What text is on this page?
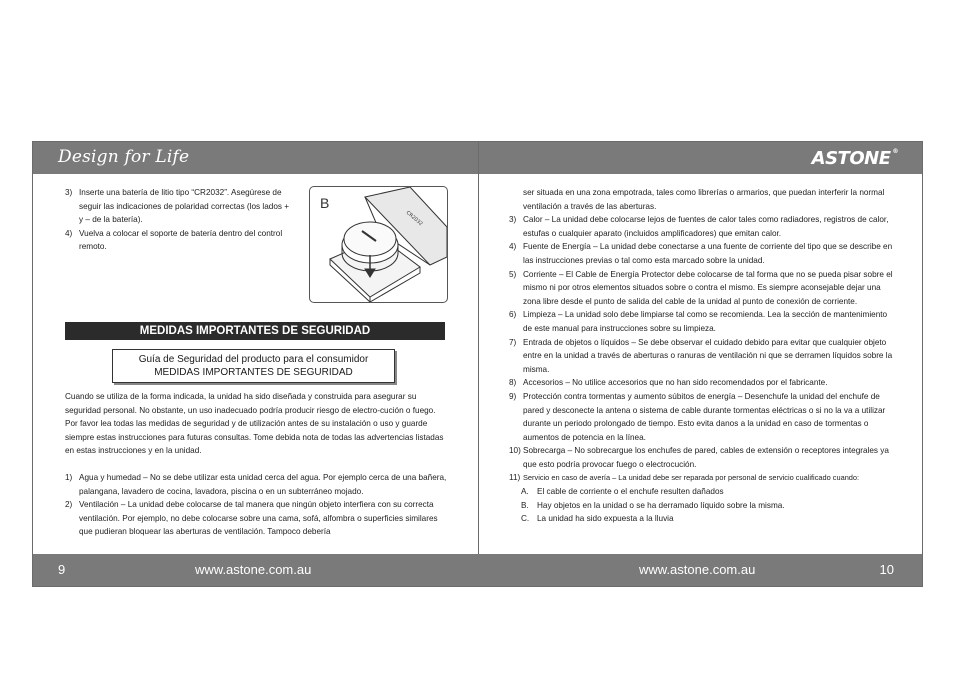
Design for Life	ASTONE ®
3) Inserte una batería de litio tipo “CR2032”. Asegúrese de seguir las indicaciones de polaridad correctas (los lados + y – de la batería).
4) Vuelva a colocar el soporte de batería dentro del control remoto.
B
CR2032
MEDIDAS IMPORTANTES DE SEGURIDAD
Guía de Seguridad del producto para el consumidor
MEDIDAS IMPORTANTES DE SEGURIDAD
Cuando se utiliza de la forma indicada, la unidad ha sido diseñada y construida para asegurar su seguridad personal. No obstante, un uso inadecuado podría producir riesgo de electro-cución o fuego. Por favor lea todas las medidas de seguridad y de utilización antes de su instalación o uso y guarde siempre estas instrucciones para futuras consultas. Tome debida nota de todas las advertencias listadas en estas instrucciones y en la unidad.
1) Agua y humedad – No se debe utilizar esta unidad cerca del agua. Por ejemplo cerca de una bañera, palangana, lavadero de cocina, lavadora, piscina o en un subterráneo mojado.
2) Ventilación – La unidad debe colocarse de tal manera que ningún objeto interfiera con su correcta ventilación. Por ejemplo, no debe colocarse sobre una cama, sofá, alfombra o superficies similares que pudieran bloquear las aberturas de ventilación. Tampoco debería
ser situada en una zona empotrada, tales como librerías o armarios, que puedan interferir la normal ventilación a través de las aberturas.
3) Calor – La unidad debe colocarse lejos de fuentes de calor tales como radiadores, registros de calor, estufas o cualquier aparato (incluidos amplificadores) que emitan calor.
4) Fuente de Energía – La unidad debe conectarse a una fuente de corriente del tipo que se describe en las instrucciones previas o tal como esta marcado sobre la unidad.
5) Corriente – El Cable de Energía Protector debe colocarse de tal forma que no se pueda pisar sobre el mismo ni por otros elementos situados sobre o contra el mismo. Es siempre aconsejable dejar una zona libre desde el punto de salida del cable de la unidad al punto de conexión de corriente.
6) Limpieza – La unidad solo debe limpiarse tal como se recomienda. Lea la sección de mantenimiento de este manual para instrucciones sobre su limpieza.
7) Entrada de objetos o líquidos – Se debe observar el cuidado debido para evitar que cualquier objeto entre en la unidad a través de aberturas o ranuras de ventilación ni que se derramen líquidos sobre la misma.
8) Accesorios – No utilice accesorios que no han sido recomendados por el fabricante.
9) Protección contra tormentas y aumento súbitos de energía – Desenchufe la unidad del enchufe de pared y desconecte la antena o sistema de cable durante tormentas eléctricas o si no la va a utilizar durante un periodo prolongado de tiempo. Esto evita danos a la unidad en caso de tormentas o aumentos de potencia en la línea.
10) Sobrecarga – No sobrecargue los enchufes de pared, cables de extensión o receptores integrales ya que esto podría provocar fuego o electrocución.
11) Servicio en caso de avería – La unidad debe ser reparada por personal de servicio cualificado cuando:
A. El cable de corriente o el enchufe resulten dañados
B. Hay objetos en la unidad o se ha derramado líquido sobre la misma.
C. La unidad ha sido expuesta a la lluvia
9	www.astone.com.au	www.astone.com.au	10
